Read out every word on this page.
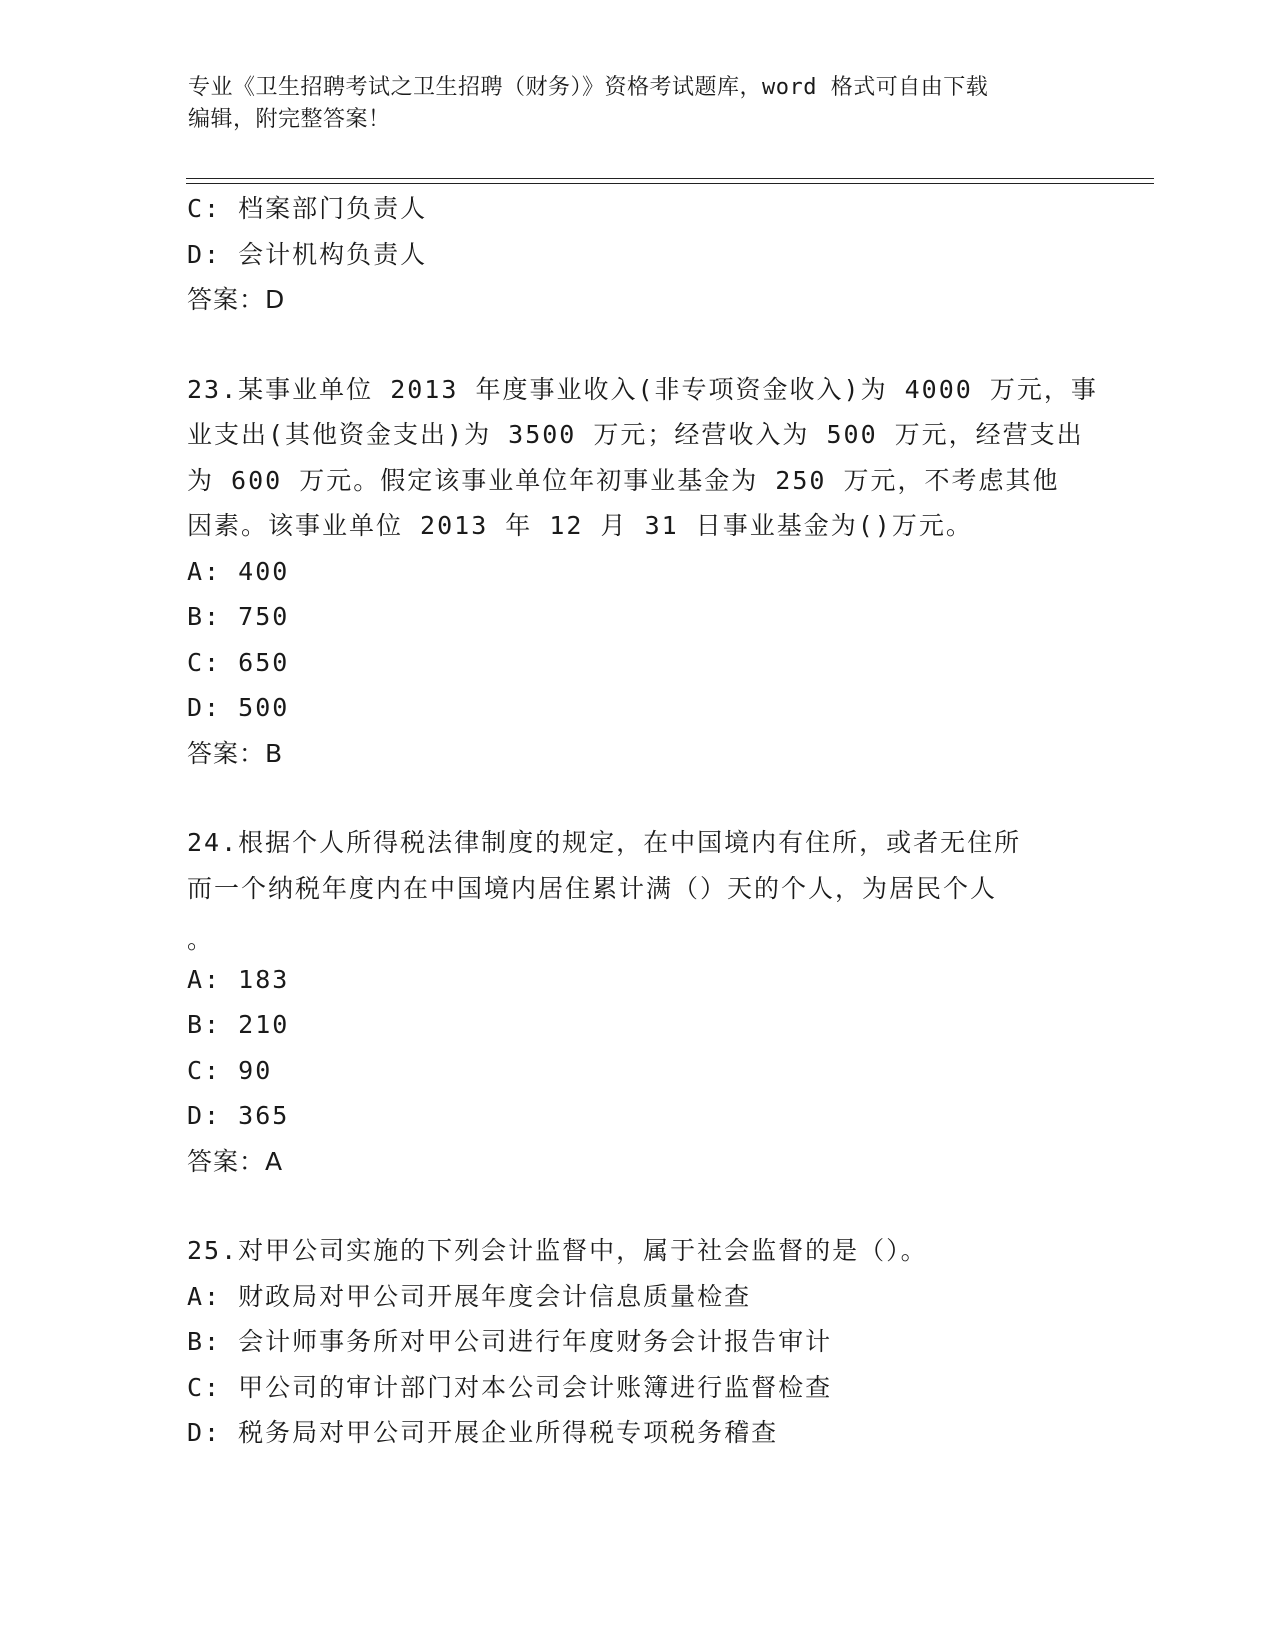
专业《卫生招聘考试之卫生招聘（财务）》资格考试题库，word 格式可自由下载
编辑，附完整答案！
C: 档案部门负责人
D: 会计机构负责人
答案：D
23.某事业单位 2013 年度事业收入(非专项资金收入)为 4000 万元，事
业支出(其他资金支出)为 3500 万元；经营收入为 500 万元，经营支出
为 600 万元。假定该事业单位年初事业基金为 250 万元，不考虑其他
因素。该事业单位 2013 年 12 月 31 日事业基金为()万元。
A: 400
B: 750
C: 650
D: 500
答案：B
24.根据个人所得税法律制度的规定，在中国境内有住所，或者无住所
而一个纳税年度内在中国境内居住累计满（）天的个人，为居民个人
。
A: 183
B: 210
C: 90
D: 365
答案：A
25.对甲公司实施的下列会计监督中，属于社会监督的是（）。
A: 财政局对甲公司开展年度会计信息质量检查
B: 会计师事务所对甲公司进行年度财务会计报告审计
C: 甲公司的审计部门对本公司会计账簿进行监督检查
D: 税务局对甲公司开展企业所得税专项税务稽查
